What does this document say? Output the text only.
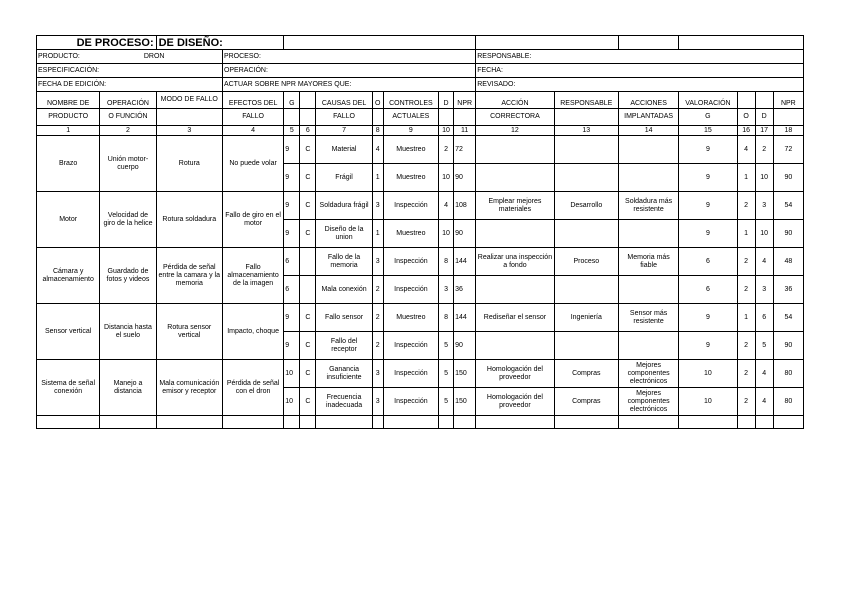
DE PROCESO:		DE DISEÑO:															
PRODUCTO: DRON			PROCESO:								RESPONSABLE:						
ESPECIFICACIÓN:			OPERACIÓN:								FECHA:						
FECHA DE EDICIÓN:			ACTUAR SOBRE NPR MAYORES QUE:								REVISADO:						
NOMBRE DE	OPERACIÓN	MODO DE FALLO	EFECTOS DEL	G		CAUSAS DEL	O	CONTROLES	D	NPR	ACCIÓN	RESPONSABLE	ACCIONES	VALORACIÓN			NPR
PRODUCTO	O FUNCIÓN		FALLO			FALLO		ACTUALES			CORRECTORA		IMPLANTADAS	G	O	D	
1	2	3	4	5	6	7	8	9	10	11	12	13	14	15	16	17	18
Brazo	Unión motor-cuerpo	Rotura	No puede volar	9	C	Material	4	Muestreo	2	72				9	4	2	72
				9	C	Frágil	1	Muestreo	10	90				9	1	10	90
Motor	Velocidad de giro de la helice	Rotura soldadura	Fallo de giro en el motor	9	C	Soldadura frágil	3	Inspección	4	108	Emplear mejores materiales	Desarrollo	Soldadura más resistente	9	2	3	54
				9	C	Diseño de la union	1	Muestreo	10	90				9	1	10	90
Cámara y almacenamiento	Guardado de fotos y videos	Pérdida de señal entre la camara y la memoria	Fallo almacenamiento de la imagen	6		Fallo de la memoria	3	Inspección	8	144	Realizar una inspección a fondo	Proceso	Memoria más fiable	6	2	4	48
				6		Mala conexión	2	Inspección	3	36				6	2	3	36
Sensor vertical	Distancia hasta el suelo	Rotura sensor vertical	Impacto, choque	9	C	Fallo sensor	2	Muestreo	8	144	Rediseñar el sensor	Ingeniería	Sensor más resistente	9	1	6	54
				9	C	Fallo del receptor	2	Inspección	5	90				9	2	5	90
Sistema de señal conexión	Manejo a distancia	Mala comunicación emisor y receptor	Pérdida de señal con el dron	10	C	Ganancia insuficiente	3	Inspección	5	150	Homologación del proveedor	Compras	Mejores componentes electrónicos	10	2	4	80
				10	C	Frecuencia inadecuada	3	Inspección	5	150	Homologación del proveedor	Compras	Mejores componentes electrónicos	10	2	4	80
